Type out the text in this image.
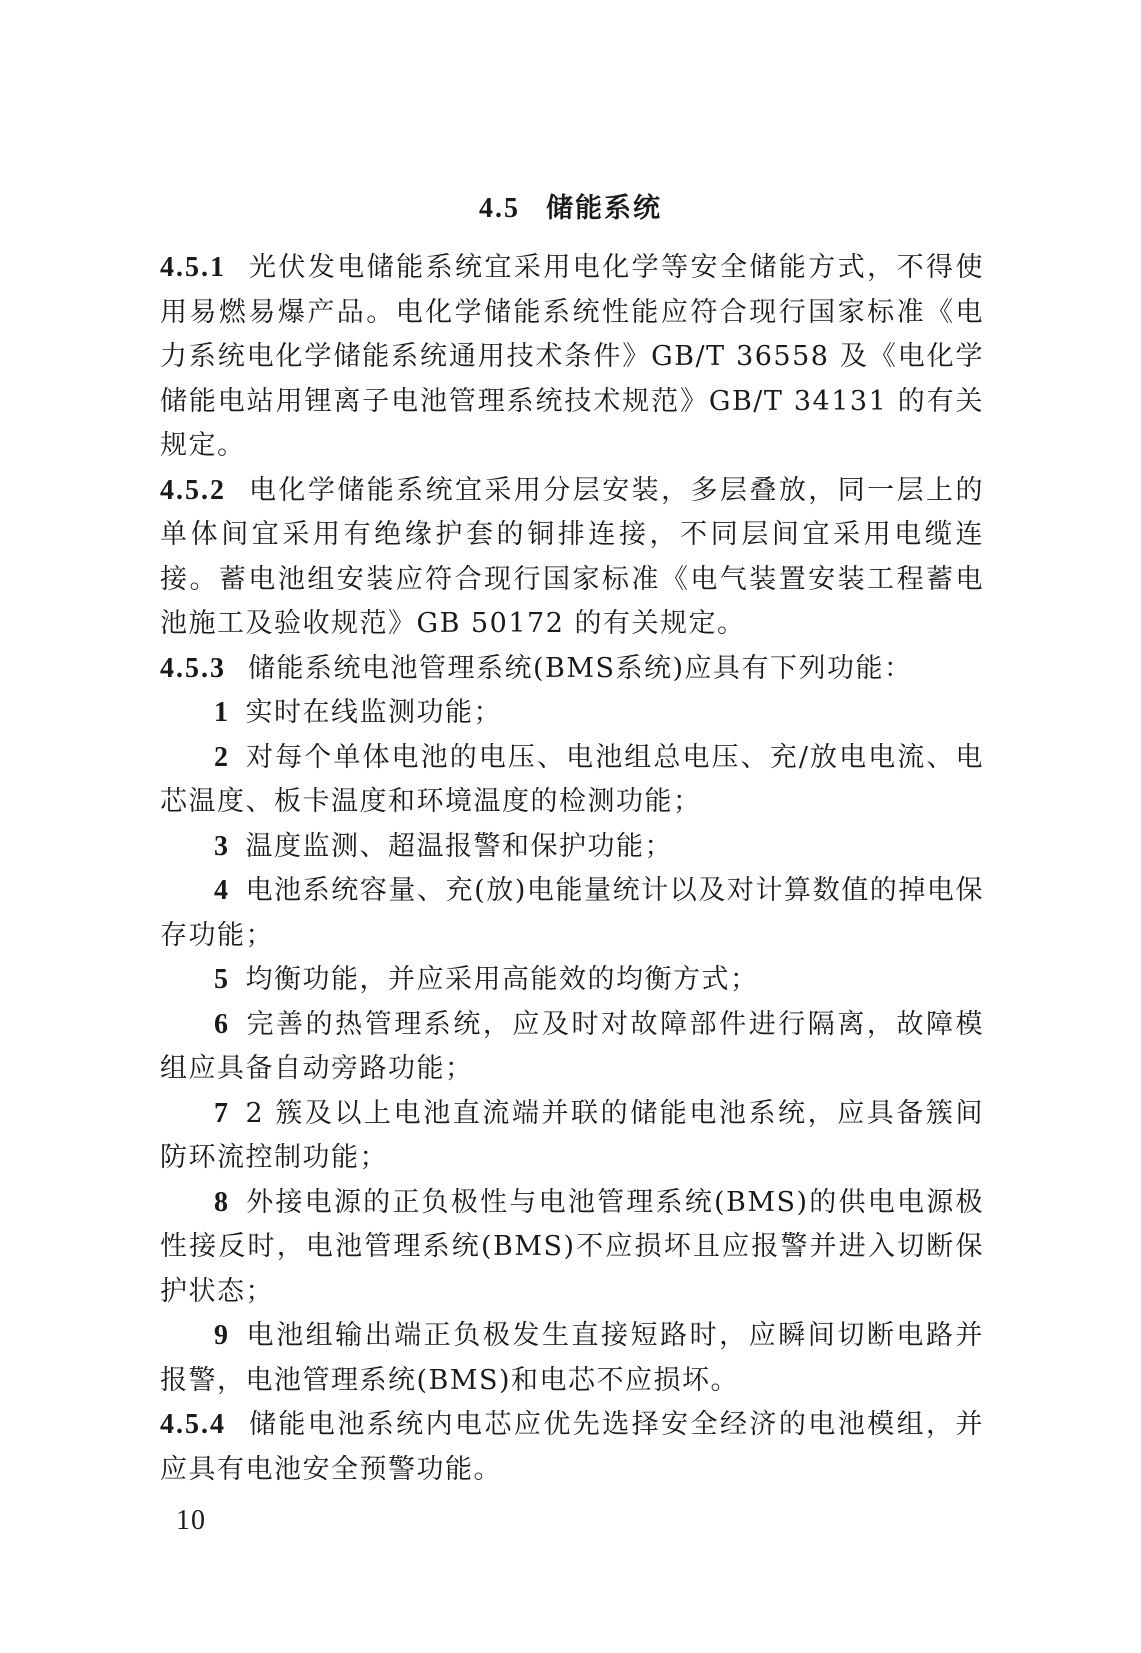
4.5 储能系统

4.5.1 光伏发电储能系统宜采用电化学等安全储能方式，不得使用易燃易爆产品。电化学储能系统性能应符合现行国家标准《电力系统电化学储能系统通用技术条件》GB/T 36558 及《电化学储能电站用锂离子电池管理系统技术规范》GB/T 34131 的有关规定。

4.5.2 电化学储能系统宜采用分层安装，多层叠放，同一层上的单体间宜采用有绝缘护套的铜排连接，不同层间宜采用电缆连接。蓄电池组安装应符合现行国家标准《电气装置安装工程蓄电池施工及验收规范》GB 50172 的有关规定。

4.5.3 储能系统电池管理系统(BMS系统)应具有下列功能：

1 实时在线监测功能；

2 对每个单体电池的电压、电池组总电压、充/放电电流、电芯温度、板卡温度和环境温度的检测功能；

3 温度监测、超温报警和保护功能；

4 电池系统容量、充(放)电能量统计以及对计算数值的掉电保存功能；

5 均衡功能，并应采用高能效的均衡方式；

6 完善的热管理系统，应及时对故障部件进行隔离，故障模组应具备自动旁路功能；

7 2 簇及以上电池直流端并联的储能电池系统，应具备簇间防环流控制功能；

8 外接电源的正负极性与电池管理系统(BMS)的供电电源极性接反时，电池管理系统(BMS)不应损坏且应报警并进入切断保护状态；

9 电池组输出端正负极发生直接短路时，应瞬间切断电路并报警，电池管理系统(BMS)和电芯不应损坏。

4.5.4 储能电池系统内电芯应优先选择安全经济的电池模组，并应具有电池安全预警功能。

10
